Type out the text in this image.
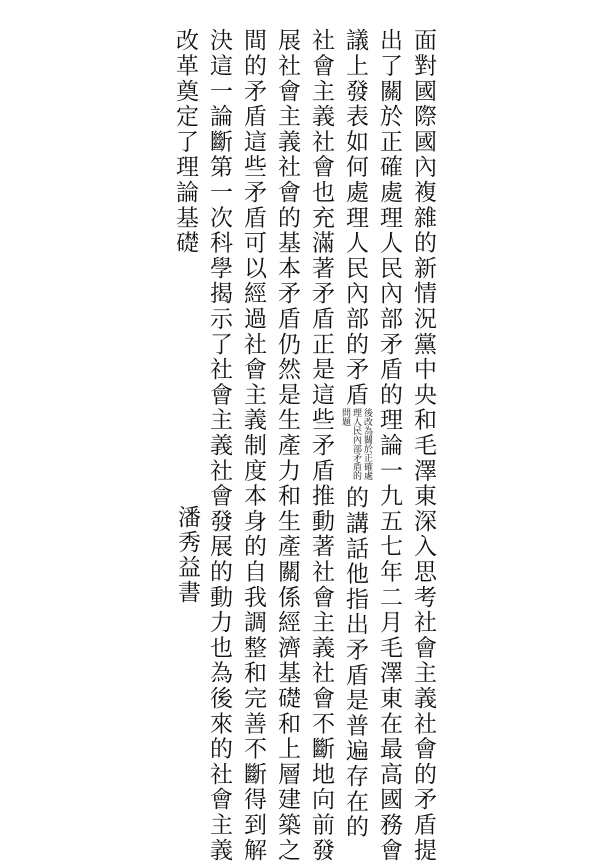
面對國際國內複雜的新情況黨中央和毛澤東深入思考社會主義社會的矛盾提
出了關於正確處理人民內部矛盾的理論一九五七年二月毛澤東在最高國務會
議上發表如何處理人民內部的矛盾後改為關於正確處理人民內部矛盾的問題的講話他指出矛盾是普遍存在的
社會主義社會也充滿著矛盾正是這些矛盾推動著社會主義社會不斷地向前發
展社會主義社會的基本矛盾仍然是生產力和生產關係經濟基礎和上層建築之
間的矛盾這些矛盾可以經過社會主義制度本身的自我調整和完善不斷得到解
決這一論斷第一次科學揭示了社會主義社會發展的動力也為後來的社會主義
改革奠定了理論基礎
潘秀益書
